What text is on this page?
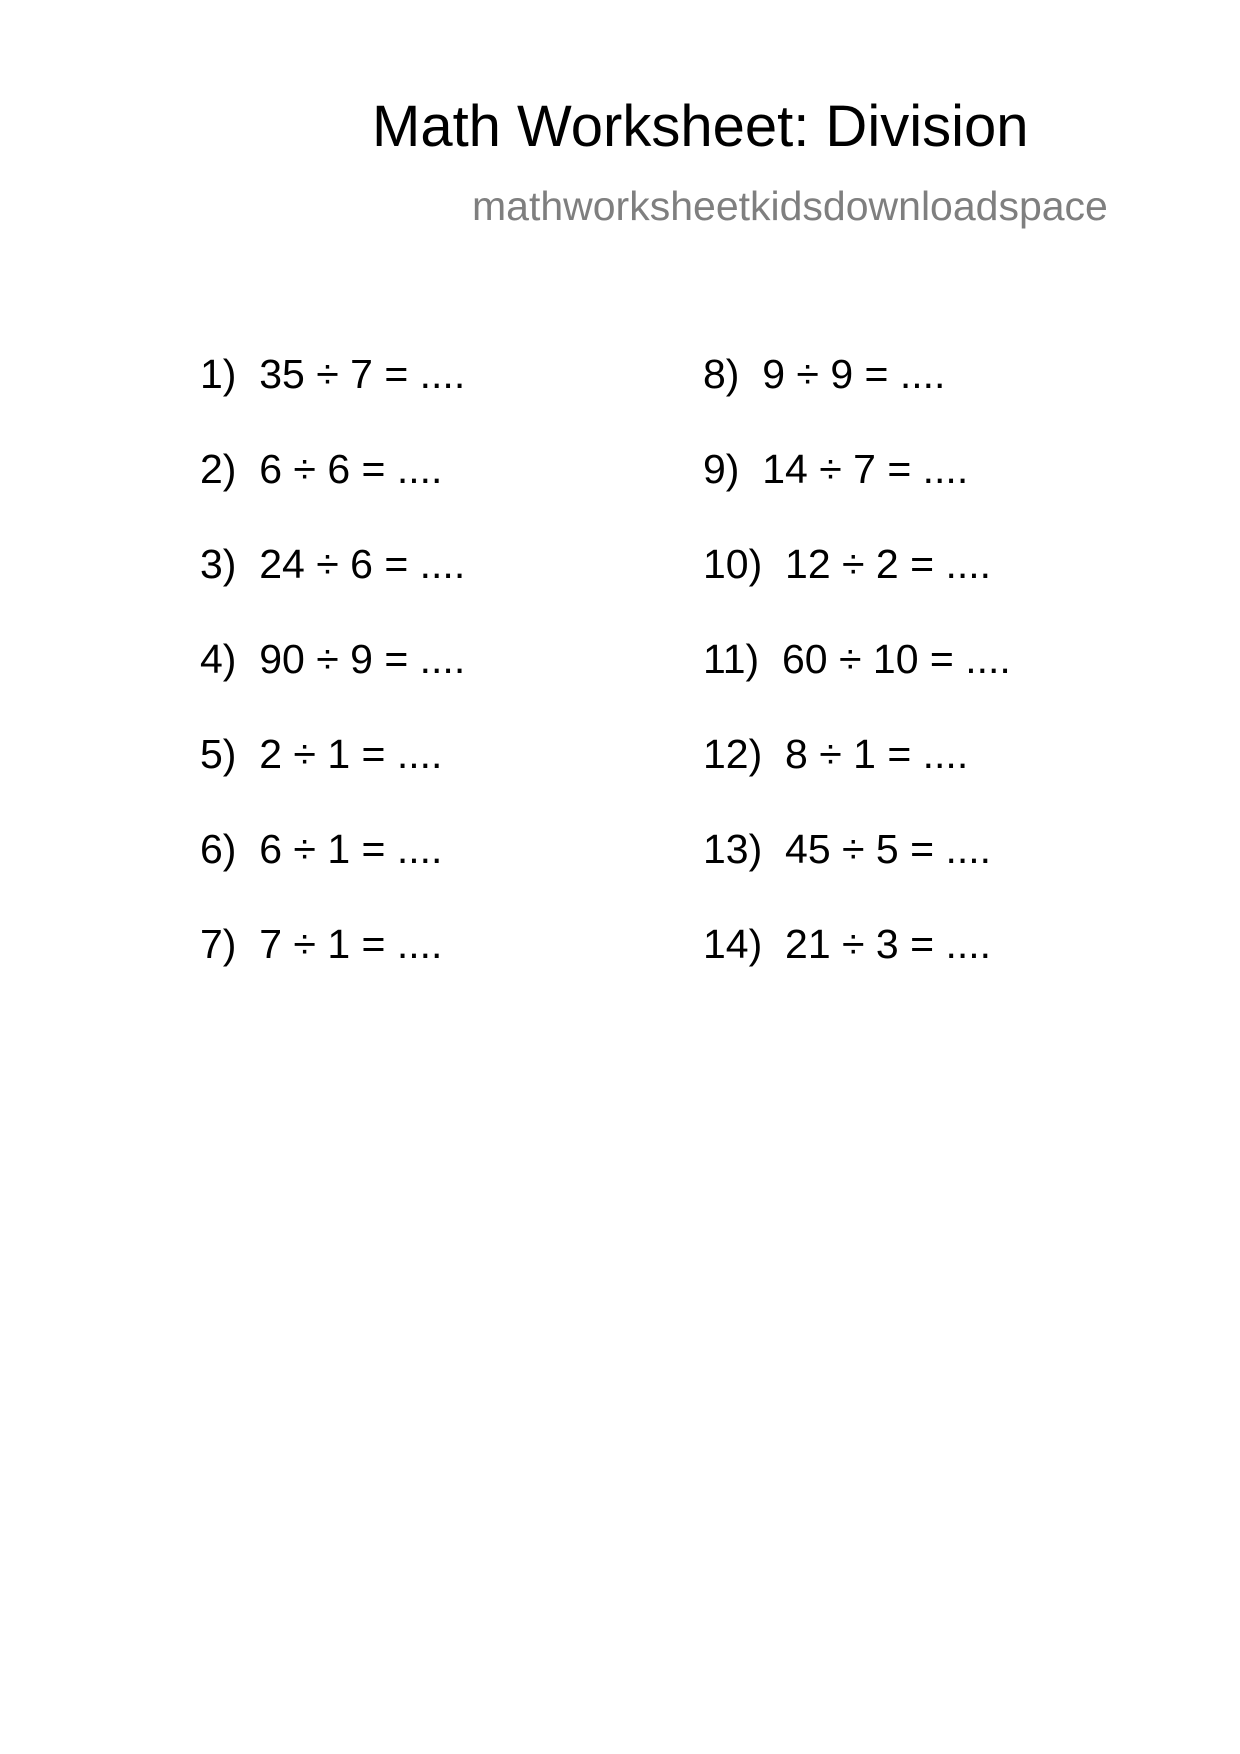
Math Worksheet: Division
mathworksheetkidsdownloadspace
1)  35 ÷ 7 = ....
2)  6 ÷ 6 = ....
3)  24 ÷ 6 = ....
4)  90 ÷ 9 = ....
5)  2 ÷ 1 = ....
6)  6 ÷ 1 = ....
7)  7 ÷ 1 = ....
8)  9 ÷ 9 = ....
9)  14 ÷ 7 = ....
10)  12 ÷ 2 = ....
11)  60 ÷ 10 = ....
12)  8 ÷ 1 = ....
13)  45 ÷ 5 = ....
14)  21 ÷ 3 = ....
